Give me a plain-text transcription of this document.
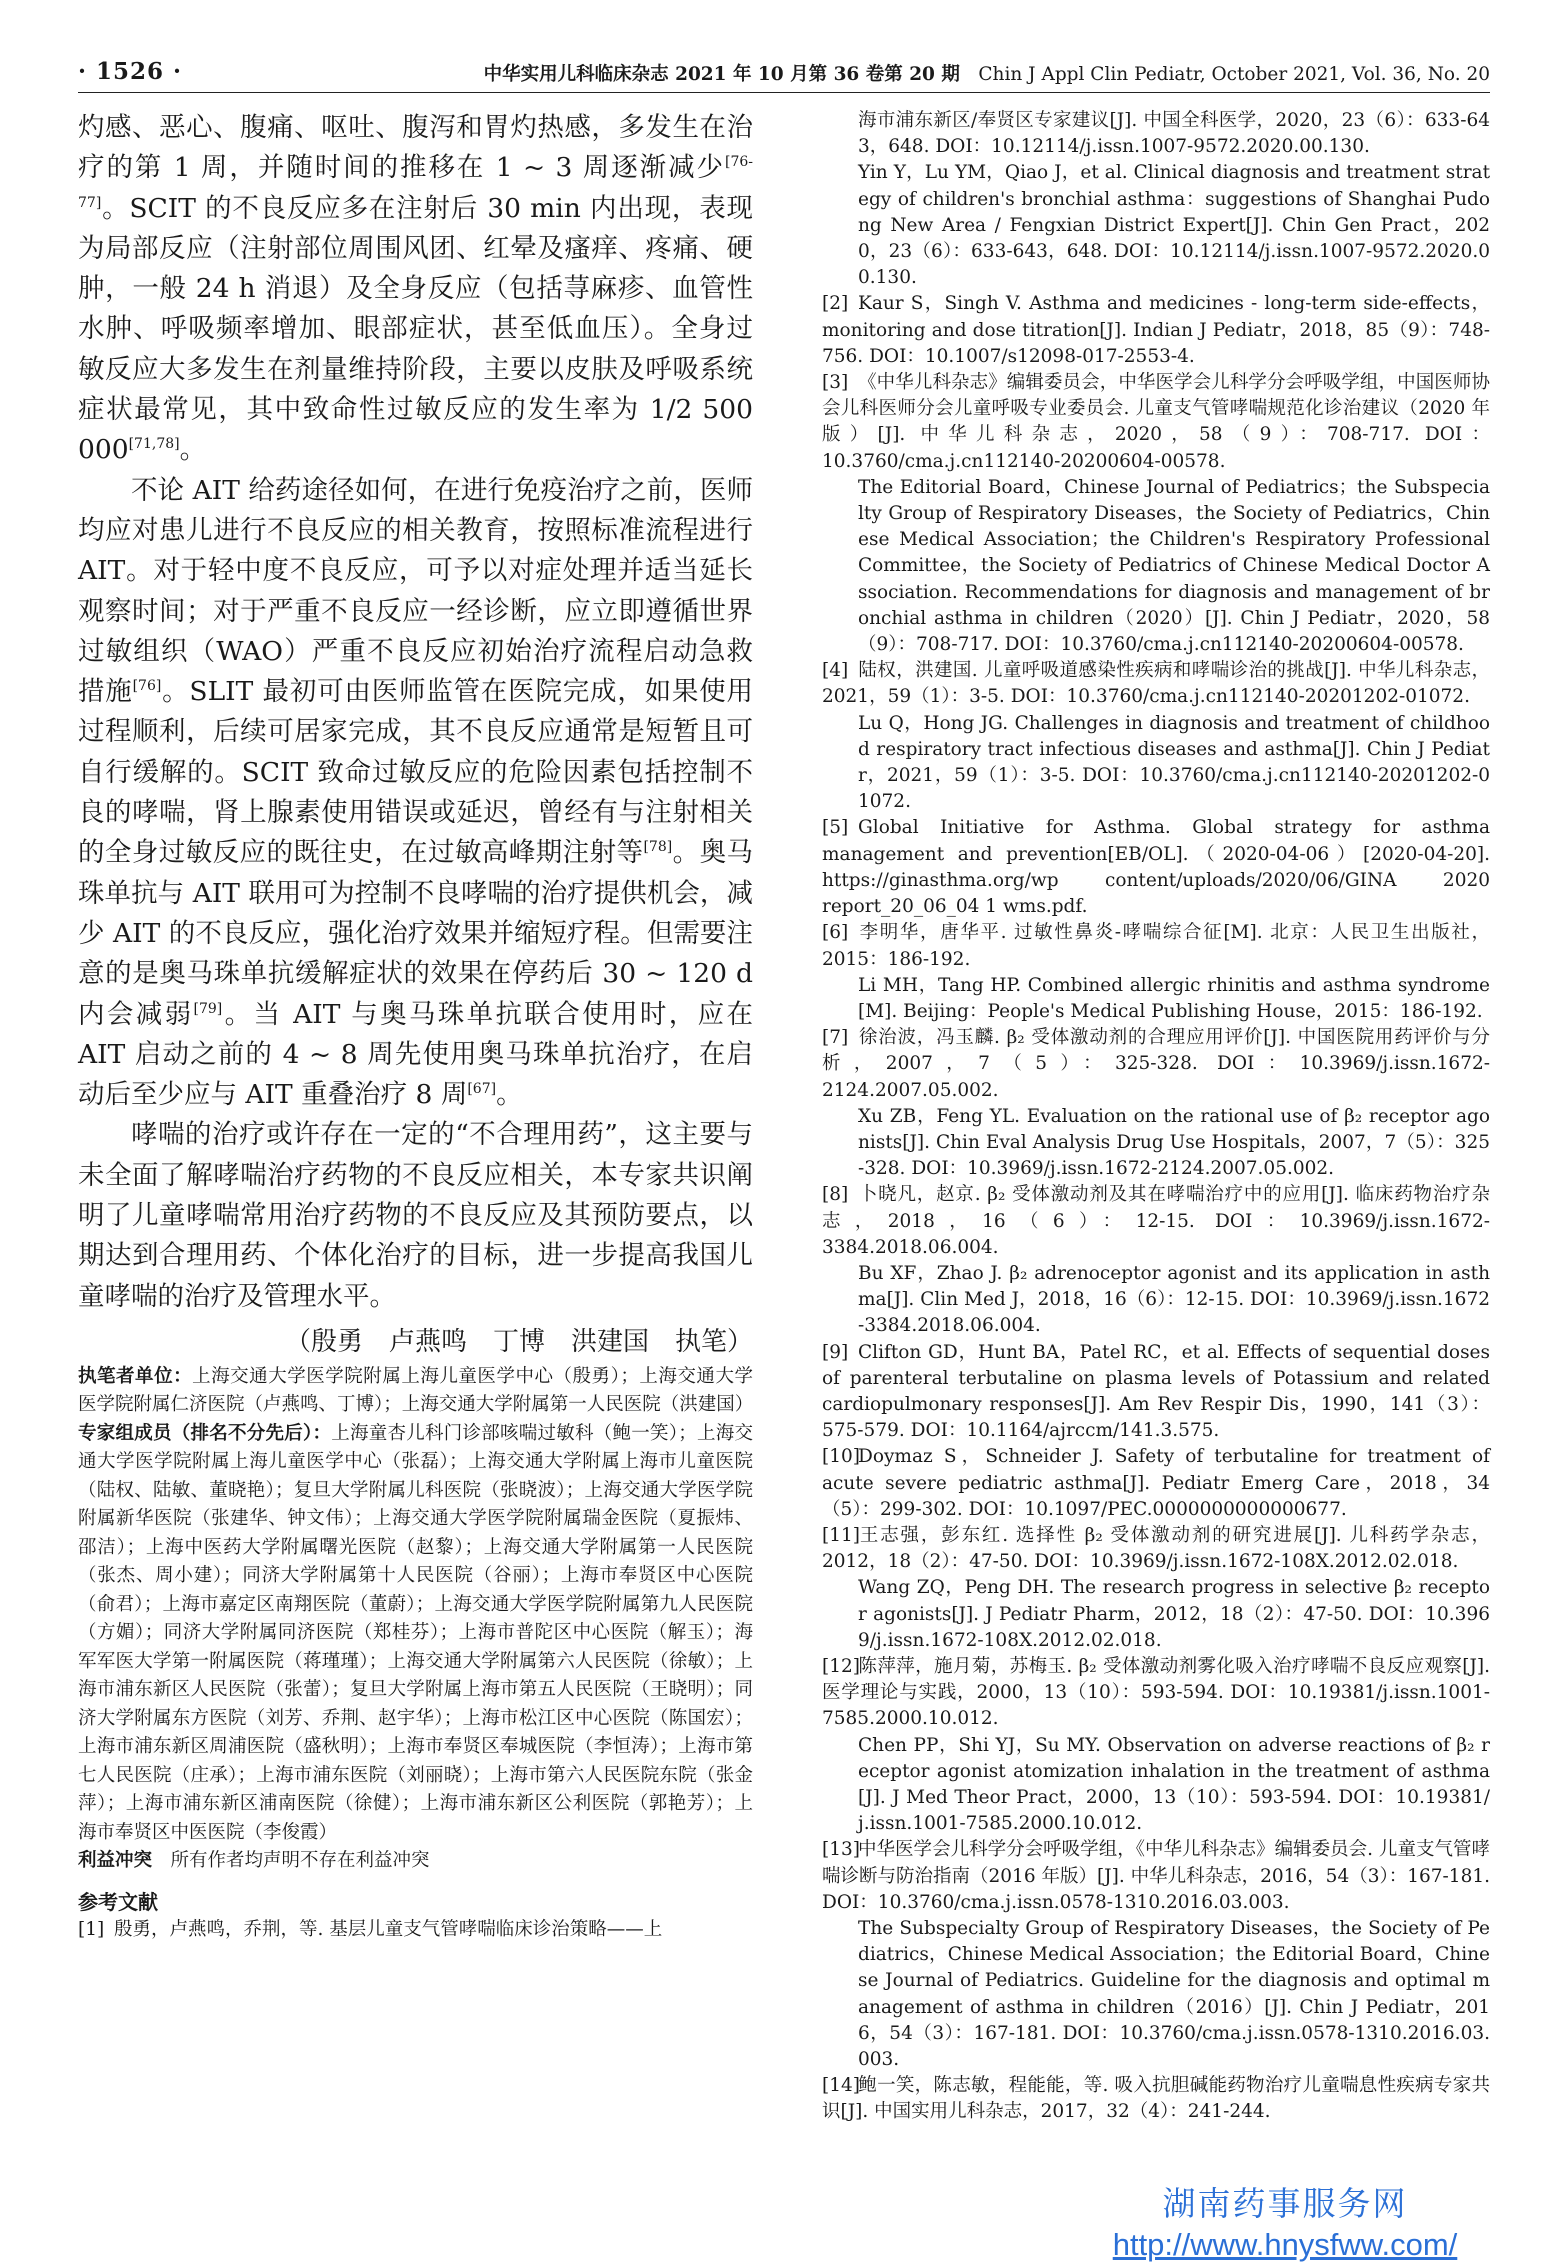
· 1526 ·	中华实用儿科临床杂志 2021 年 10 月第 36 卷第 20 期　 Chin J Appl Clin Pediatr, October 2021, Vol. 36, No. 20

灼感、恶心、腹痛、呕吐、腹泻和胃灼热感，多发生在治疗的第 1 周，并随时间的推移在 1 ~ 3 周逐渐减少[76-77]。SCIT 的不良反应多在注射后 30 min 内出现，表现为局部反应（注射部位周围风团、红晕及瘙痒、疼痛、硬肿，一般 24 h 消退）及全身反应（包括荨麻疹、血管性水肿、呼吸频率增加、眼部症状，甚至低血压）。全身过敏反应大多发生在剂量维持阶段，主要以皮肤及呼吸系统症状最常见，其中致命性过敏反应的发生率为 1/2 500 000[71,78]。

不论 AIT 给药途径如何，在进行免疫治疗之前，医师均应对患儿进行不良反应的相关教育，按照标准流程进行 AIT。对于轻中度不良反应，可予以对症处理并适当延长观察时间；对于严重不良反应一经诊断，应立即遵循世界过敏组织（WAO）严重不良反应初始治疗流程启动急救措施[76]。SLIT 最初可由医师监管在医院完成，如果使用过程顺利，后续可居家完成，其不良反应通常是短暂且可自行缓解的。SCIT 致命过敏反应的危险因素包括控制不良的哮喘，肾上腺素使用错误或延迟，曾经有与注射相关的全身过敏反应的既往史，在过敏高峰期注射等[78]。奥马珠单抗与 AIT 联用可为控制不良哮喘的治疗提供机会，减少 AIT 的不良反应，强化治疗效果并缩短疗程。但需要注意的是奥马珠单抗缓解症状的效果在停药后 30 ~ 120 d 内会减弱[79]。当 AIT 与奥马珠单抗联合使用时，应在 AIT 启动之前的 4 ~ 8 周先使用奥马珠单抗治疗，在启动后至少应与 AIT 重叠治疗 8 周[67]。

哮喘的治疗或许存在一定的“不合理用药”，这主要与未全面了解哮喘治疗药物的不良反应相关，本专家共识阐明了儿童哮喘常用治疗药物的不良反应及其预防要点，以期达到合理用药、个体化治疗的目标，进一步提高我国儿童哮喘的治疗及管理水平。

（殷勇　卢燕鸣　丁博　洪建国　执笔）

执笔者单位：上海交通大学医学院附属上海儿童医学中心（殷勇）；上海交通大学医学院附属仁济医院（卢燕鸣、丁博）；上海交通大学附属第一人民医院（洪建国）

专家组成员（排名不分先后）：上海童杏儿科门诊部咳喘过敏科（鲍一笑）；上海交通大学医学院附属上海儿童医学中心（张磊）；上海交通大学附属上海市儿童医院（陆权、陆敏、董晓艳）；复旦大学附属儿科医院（张晓波）；上海交通大学医学院附属新华医院（张建华、钟文伟）；上海交通大学医学院附属瑞金医院（夏振炜、邵洁）；上海中医药大学附属曙光医院（赵黎）；上海交通大学附属第一人民医院（张杰、周小建）；同济大学附属第十人民医院（谷丽）；上海市奉贤区中心医院（俞君）；上海市嘉定区南翔医院（董蔚）；上海交通大学医学院附属第九人民医院（方媚）；同济大学附属同济医院（郑桂芬）；上海市普陀区中心医院（解玉）；海军军医大学第一附属医院（蒋瑾瑾）；上海交通大学附属第六人民医院（徐敏）；上海市浦东新区人民医院（张蕾）；复旦大学附属上海市第五人民医院（王晓明）；同济大学附属东方医院（刘芳、乔荆、赵宇华）；上海市松江区中心医院（陈国宏）；上海市浦东新区周浦医院（盛秋明）；上海市奉贤区奉城医院（李恒涛）；上海市第七人民医院（庄承）；上海市浦东医院（刘丽晓）；上海市第六人民医院东院（张金萍）；上海市浦东新区浦南医院（徐健）；上海市浦东新区公利医院（郭艳芳）；上海市奉贤区中医医院（李俊霞）

利益冲突　所有作者均声明不存在利益冲突

参考文献

[1] 殷勇，卢燕鸣，乔荆，等. 基层儿童支气管哮喘临床诊治策略——上

海市浦东新区/奉贤区专家建议[J]. 中国全科医学，2020，23（6）：633-643，648. DOI：10.12114/j.issn.1007-9572.2020.00.130.

Yin Y，Lu YM，Qiao J，et al. Clinical diagnosis and treatment strategy of children's bronchial asthma：suggestions of Shanghai Pudong New Area / Fengxian District Expert[J]. Chin Gen Pract，2020，23（6）：633-643，648. DOI：10.12114/j.issn.1007-9572.2020.00.130.

[2] Kaur S，Singh V. Asthma and medicines - long-term side-effects，monitoring and dose titration[J]. Indian J Pediatr，2018，85（9）：748-756. DOI：10.1007/s12098-017-2553-4.

[3] 《中华儿科杂志》编辑委员会，中华医学会儿科学分会呼吸学组，中国医师协会儿科医师分会儿童呼吸专业委员会. 儿童支气管哮喘规范化诊治建议（2020 年版）[J]. 中华儿科杂志，2020，58（9）：708-717. DOI：10.3760/cma.j.cn112140-20200604-00578.

The Editorial Board，Chinese Journal of Pediatrics；the Subspecialty Group of Respiratory Diseases，the Society of Pediatrics，Chinese Medical Association；the Children's Respiratory Professional Committee，the Society of Pediatrics of Chinese Medical Doctor Association. Recommendations for diagnosis and management of bronchial asthma in children（2020）[J]. Chin J Pediatr，2020，58（9）：708-717. DOI：10.3760/cma.j.cn112140-20200604-00578.

[4] 陆权，洪建国. 儿童呼吸道感染性疾病和哮喘诊治的挑战[J]. 中华儿科杂志，2021，59（1）：3-5. DOI：10.3760/cma.j.cn112140-20201202-01072.

Lu Q，Hong JG. Challenges in diagnosis and treatment of childhood respiratory tract infectious diseases and asthma[J]. Chin J Pediatr，2021，59（1）：3-5. DOI：10.3760/cma.j.cn112140-20201202-01072.

[5] Global Initiative for Asthma. Global strategy for asthma management and prevention[EB/OL].（2020-04-06）[2020-04-20]. https://ginasthma.org/wp content/uploads/2020/06/GINA 2020 report_20_06_04 1 wms.pdf.

[6] 李明华，唐华平. 过敏性鼻炎-哮喘综合征[M]. 北京：人民卫生出版社，2015：186-192.

Li MH，Tang HP. Combined allergic rhinitis and asthma syndrome[M]. Beijing：People's Medical Publishing House，2015：186-192.

[7] 徐治波，冯玉麟. β₂ 受体激动剂的合理应用评价[J]. 中国医院用药评价与分析，2007，7（5）：325-328. DOI：10.3969/j.issn.1672-2124.2007.05.002.

Xu ZB，Feng YL. Evaluation on the rational use of β₂ receptor agonists[J]. Chin Eval Analysis Drug Use Hospitals，2007，7（5）：325-328. DOI：10.3969/j.issn.1672-2124.2007.05.002.

[8] 卜晓凡，赵京. β₂ 受体激动剂及其在哮喘治疗中的应用[J]. 临床药物治疗杂志，2018，16（6）：12-15. DOI：10.3969/j.issn.1672-3384.2018.06.004.

Bu XF，Zhao J. β₂ adrenoceptor agonist and its application in asthma[J]. Clin Med J，2018，16（6）：12-15. DOI：10.3969/j.issn.1672-3384.2018.06.004.

[9] Clifton GD，Hunt BA，Patel RC，et al. Effects of sequential doses of parenteral terbutaline on plasma levels of Potassium and related cardiopulmonary responses[J]. Am Rev Respir Dis，1990，141（3）：575-579. DOI：10.1164/ajrccm/141.3.575.

[10]Doymaz S，Schneider J. Safety of terbutaline for treatment of acute severe pediatric asthma[J]. Pediatr Emerg Care，2018，34（5）：299-302. DOI：10.1097/PEC.0000000000000677.

[11]王志强，彭东红. 选择性 β₂ 受体激动剂的研究进展[J]. 儿科药学杂志，2012，18（2）：47-50. DOI：10.3969/j.issn.1672-108X.2012.02.018.

Wang ZQ，Peng DH. The research progress in selective β₂ receptor agonists[J]. J Pediatr Pharm，2012，18（2）：47-50. DOI：10.3969/j.issn.1672-108X.2012.02.018.

[12]陈萍萍，施月菊，苏梅玉. β₂ 受体激动剂雾化吸入治疗哮喘不良反应观察[J]. 医学理论与实践，2000，13（10）：593-594. DOI：10.19381/j.issn.1001-7585.2000.10.012.

Chen PP，Shi YJ，Su MY. Observation on adverse reactions of β₂ receptor agonist atomization inhalation in the treatment of asthma[J]. J Med Theor Pract，2000，13（10）：593-594. DOI：10.19381/j.issn.1001-7585.2000.10.012.

[13]中华医学会儿科学分会呼吸学组，《中华儿科杂志》编辑委员会. 儿童支气管哮喘诊断与防治指南（2016 年版）[J]. 中华儿科杂志，2016，54（3）：167-181. DOI：10.3760/cma.j.issn.0578-1310.2016.03.003.

The Subspecialty Group of Respiratory Diseases，the Society of Pediatrics，Chinese Medical Association；the Editorial Board，Chinese Journal of Pediatrics. Guideline for the diagnosis and optimal management of asthma in children（2016）[J]. Chin J Pediatr，2016，54（3）：167-181. DOI：10.3760/cma.j.issn.0578-1310.2016.03.003.

[14]鲍一笑，陈志敏，程能能，等. 吸入抗胆碱能药物治疗儿童喘息性疾病专家共识[J]. 中国实用儿科杂志，2017，32（4）：241-244.

湖南药事服务网
http://www.hnysfww.com/
